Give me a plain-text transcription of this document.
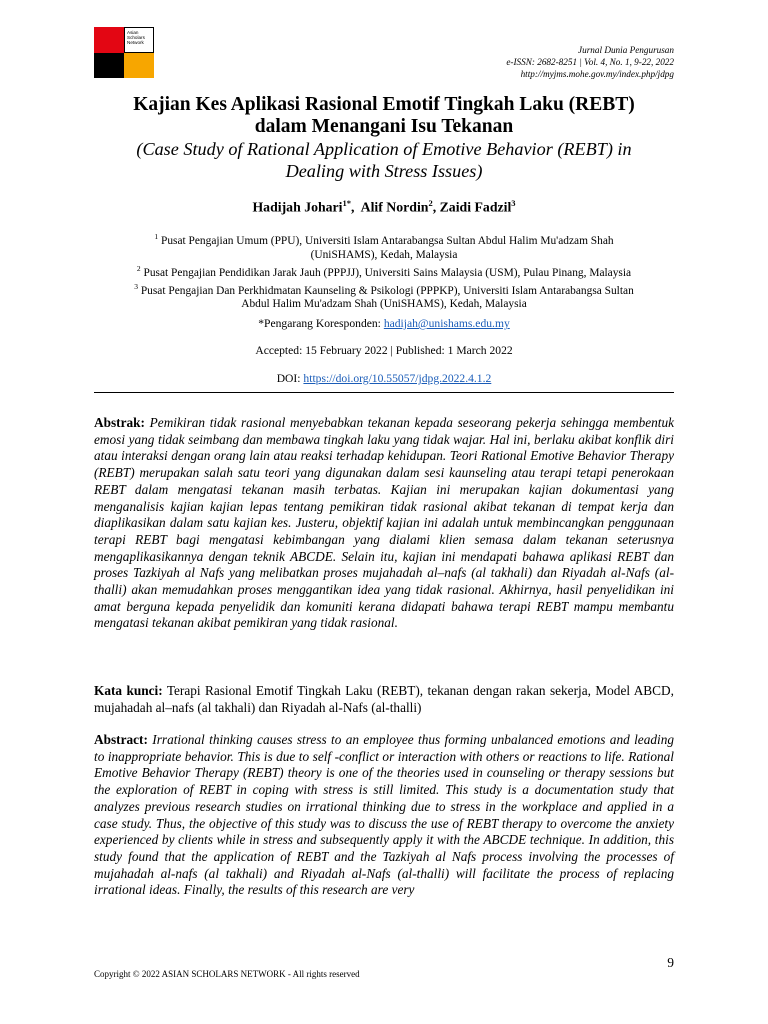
Asian Scholars Network
Jurnal Dunia Pengurusan
e-ISSN: 2682-8251 | Vol. 4, No. 1, 9-22, 2022
http://myjms.mohe.gov.my/index.php/jdpg

Kajian Kes Aplikasi Rasional Emotif Tingkah Laku (REBT)

dalam Menangani Isu Tekanan

(Case Study of Rational Application of Emotive Behavior (REBT) in

Dealing with Stress Issues)

Hadijah Johari$^{1*}$,  Alif Nordin$^2$, Zaidi Fadzil$^3$
$^1$ Pusat Pengajian Umum (PPU), Universiti Islam Antarabangsa Sultan Abdul Halim Mu'adzam Shah
(UniSHAMS), Kedah, Malaysia
$^2$ Pusat Pengajian Pendidikan Jarak Jauh (PPPJJ), Universiti Sains Malaysia (USM), Pulau Pinang, Malaysia
$^3$ Pusat Pengajian Dan Perkhidmatan Kaunseling & Psikologi (PPPKP), Universiti Islam Antarabangsa Sultan
Abdul Halim Mu'adzam Shah (UniSHAMS), Kedah, Malaysia
*Pengarang Koresponden: hadijah@unishams.edu.my
Accepted: 15 February 2022 | Published: 1 March 2022
DOI: https://doi.org/10.55057/jdpg.2022.4.1.2

Abstrak: Pemikiran tidak rasional menyebabkan tekanan kepada seseorang pekerja sehingga membentuk emosi yang tidak seimbang dan membawa tingkah laku yang tidak wajar. Hal ini, berlaku akibat konflik diri atau interaksi dengan orang lain atau reaksi terhadap kehidupan. Teori Rational Emotive Behavior Therapy (REBT) merupakan salah satu teori yang digunakan dalam sesi kaunseling atau terapi tetapi penerokaan REBT dalam mengatasi tekanan masih terbatas. Kajian ini merupakan kajian dokumentasi yang menganalisis kajian kajian lepas tentang pemikiran tidak rasional akibat tekanan di tempat kerja dan diaplikasikan dalam satu kajian kes. Justeru, objektif kajian ini adalah untuk membincangkan penggunaan terapi REBT bagi mengatasi kebimbangan yang dialami klien semasa dalam tekanan seterusnya mengaplikasikannya dengan teknik ABCDE. Selain itu, kajian ini mendapati bahawa aplikasi REBT dan proses Tazkiyah al Nafs yang melibatkan proses mujahadah al–nafs (al takhali) dan Riyadah al-Nafs (al-thalli) akan memudahkan proses menggantikan idea yang tidak rasional. Akhirnya, hasil penyelidikan ini amat berguna kepada penyelidik dan komuniti kerana didapati bahawa terapi REBT mampu membantu mengatasi tekanan akibat pemikiran yang tidak rasional.

Kata kunci: Terapi Rasional Emotif Tingkah Laku (REBT), tekanan dengan rakan sekerja, Model ABCD, mujahadah al–nafs (al takhali) dan Riyadah al-Nafs (al-thalli)

Abstract: Irrational thinking causes stress to an employee thus forming unbalanced emotions and leading to inappropriate behavior. This is due to self -conflict or interaction with others or reactions to life. Rational Emotive Behavior Therapy (REBT) theory is one of the theories used in counseling or therapy sessions but the exploration of REBT in coping with stress is still limited. This study is a documentation study that analyzes previous research studies on irrational thinking due to stress in the workplace and applied in a case study. Thus, the objective of this study was to discuss the use of REBT therapy to overcome the anxiety experienced by clients while in stress and subsequently apply it with the ABCDE technique. In addition, this study found that the application of REBT and the Tazkiyah al Nafs process involving the processes of mujahadah al-nafs (al takhali) and Riyadah al-Nafs (al-thalli) will facilitate the process of replacing irrational ideas. Finally, the results of this research are very

9
Copyright © 2022 ASIAN SCHOLARS NETWORK - All rights reserved
